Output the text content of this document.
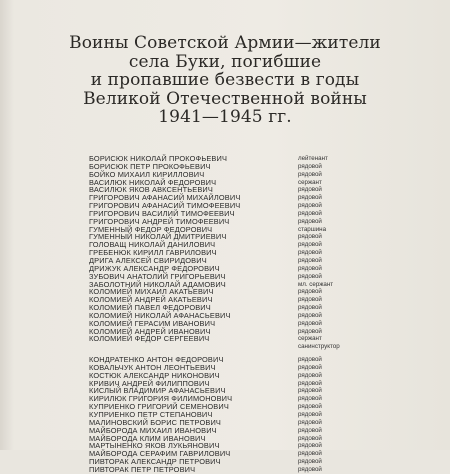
Воины Советской Армии—жители
села Буки, погибшие
и пропавшие безвести в годы
Великой Отечественной войны
1941—1945 гг.
БОРИСЮК НИКОЛАЙ ПРОКОФЬЕВИЧ	лейтенант
БОРИСЮК ПЕТР ПРОКОФЬЕВИЧ	рядовой
БОЙКО МИХАИЛ КИРИЛЛОВИЧ	рядовой
ВАСИЛЮК НИКОЛАЙ ФЕДОРОВИЧ	сержант
ВАСИЛЮК ЯКОВ АВКСЕНТЬЕВИЧ	рядовой
ГРИГОРОВИЧ АФАНАСИЙ МИХАЙЛОВИЧ	рядовой
ГРИГОРОВИЧ АФАНАСИЙ ТИМОФЕЕВИЧ	рядовой
ГРИГОРОВИЧ ВАСИЛИЙ ТИМОФЕЕВИЧ	рядовой
ГРИГОРОВИЧ АНДРЕЙ ТИМОФЕЕВИЧ	рядовой
ГУМЕННЫЙ ФЕДОР ФЕДОРОВИЧ	старшина
ГУМЕННЫЙ НИКОЛАЙ ДМИТРИЕВИЧ	рядовой
ГОЛОВАЩ НИКОЛАЙ ДАНИЛОВИЧ	рядовой
ГРЕБЕНЮК КИРИЛЛ ГАВРИЛОВИЧ	рядовой
ДРИГА АЛЕКСЕЙ СВИРИДОВИЧ	рядовой
ДРИЖУК АЛЕКСАНДР ФЕДОРОВИЧ	рядовой
ЗУБОВИЧ АНАТОЛИЙ ГРИГОРЬЕВИЧ	рядовой
ЗАБОЛОТНИЙ НИКОЛАЙ АДАМОВИЧ	мл. сержант
КОЛОМИЕЙ МИХАИЛ АКАТЬЕВИЧ	рядовой
КОЛОМИЕЙ АНДРЕЙ АКАТЬЕВИЧ	рядовой
КОЛОМИЕЙ ПАВЕЛ ФЕДОРОВИЧ	рядовой
КОЛОМИЕЙ НИКОЛАЙ АФАНАСЬЕВИЧ	рядовой
КОЛОМИЕЙ ГЕРАСИМ ИВАНОВИЧ	рядовой
КОЛОМИЕЙ АНДРЕЙ ИВАНОВИЧ	рядовой
КОЛОМИЕЙ ФЕДОР СЕРГЕЕВИЧ	сержант
санинструктор
КОНДРАТЕНКО АНТОН ФЕДОРОВИЧ	рядовой
КОВАЛЬЧУК АНТОН ЛЕОНТЬЕВИЧ	рядовой
КОСТЮК АЛЕКСАНДР НИКОНОВИЧ	рядовой
КРИВИЧ АНДРЕЙ ФИЛИППОВИЧ	рядовой
КИСЛЫЙ ВЛАДИМИР АФАНАСЬЕВИЧ	рядовой
КИРИЛЮК ГРИГОРИЯ ФИЛИМОНОВИЧ	рядовой
КУПРИЕНКО ГРИГОРИЙ СЕМЕНОВИЧ	рядовой
КУПРИЕНКО ПЕТР СТЕПАНОВИЧ	рядовой
МАЛИНОВСКИЙ БОРИС ПЕТРОВИЧ	рядовой
МАЙБОРОДА МИХАИЛ ИВАНОВИЧ	рядовой
МАЙБОРОДА КЛИМ ИВАНОВИЧ	рядовой
МАРТЫНЕНКО ЯКОВ ЛУКЬЯНОВИЧ	рядовой
МАЙБОРОДА СЕРАФИМ ГАВРИЛОВИЧ	рядовой
ПИВТОРАК АЛЕКСАНДР ПЕТРОВИЧ	рядовой
ПИВТОРАК ПЕТР ПЕТРОВИЧ	рядовой
